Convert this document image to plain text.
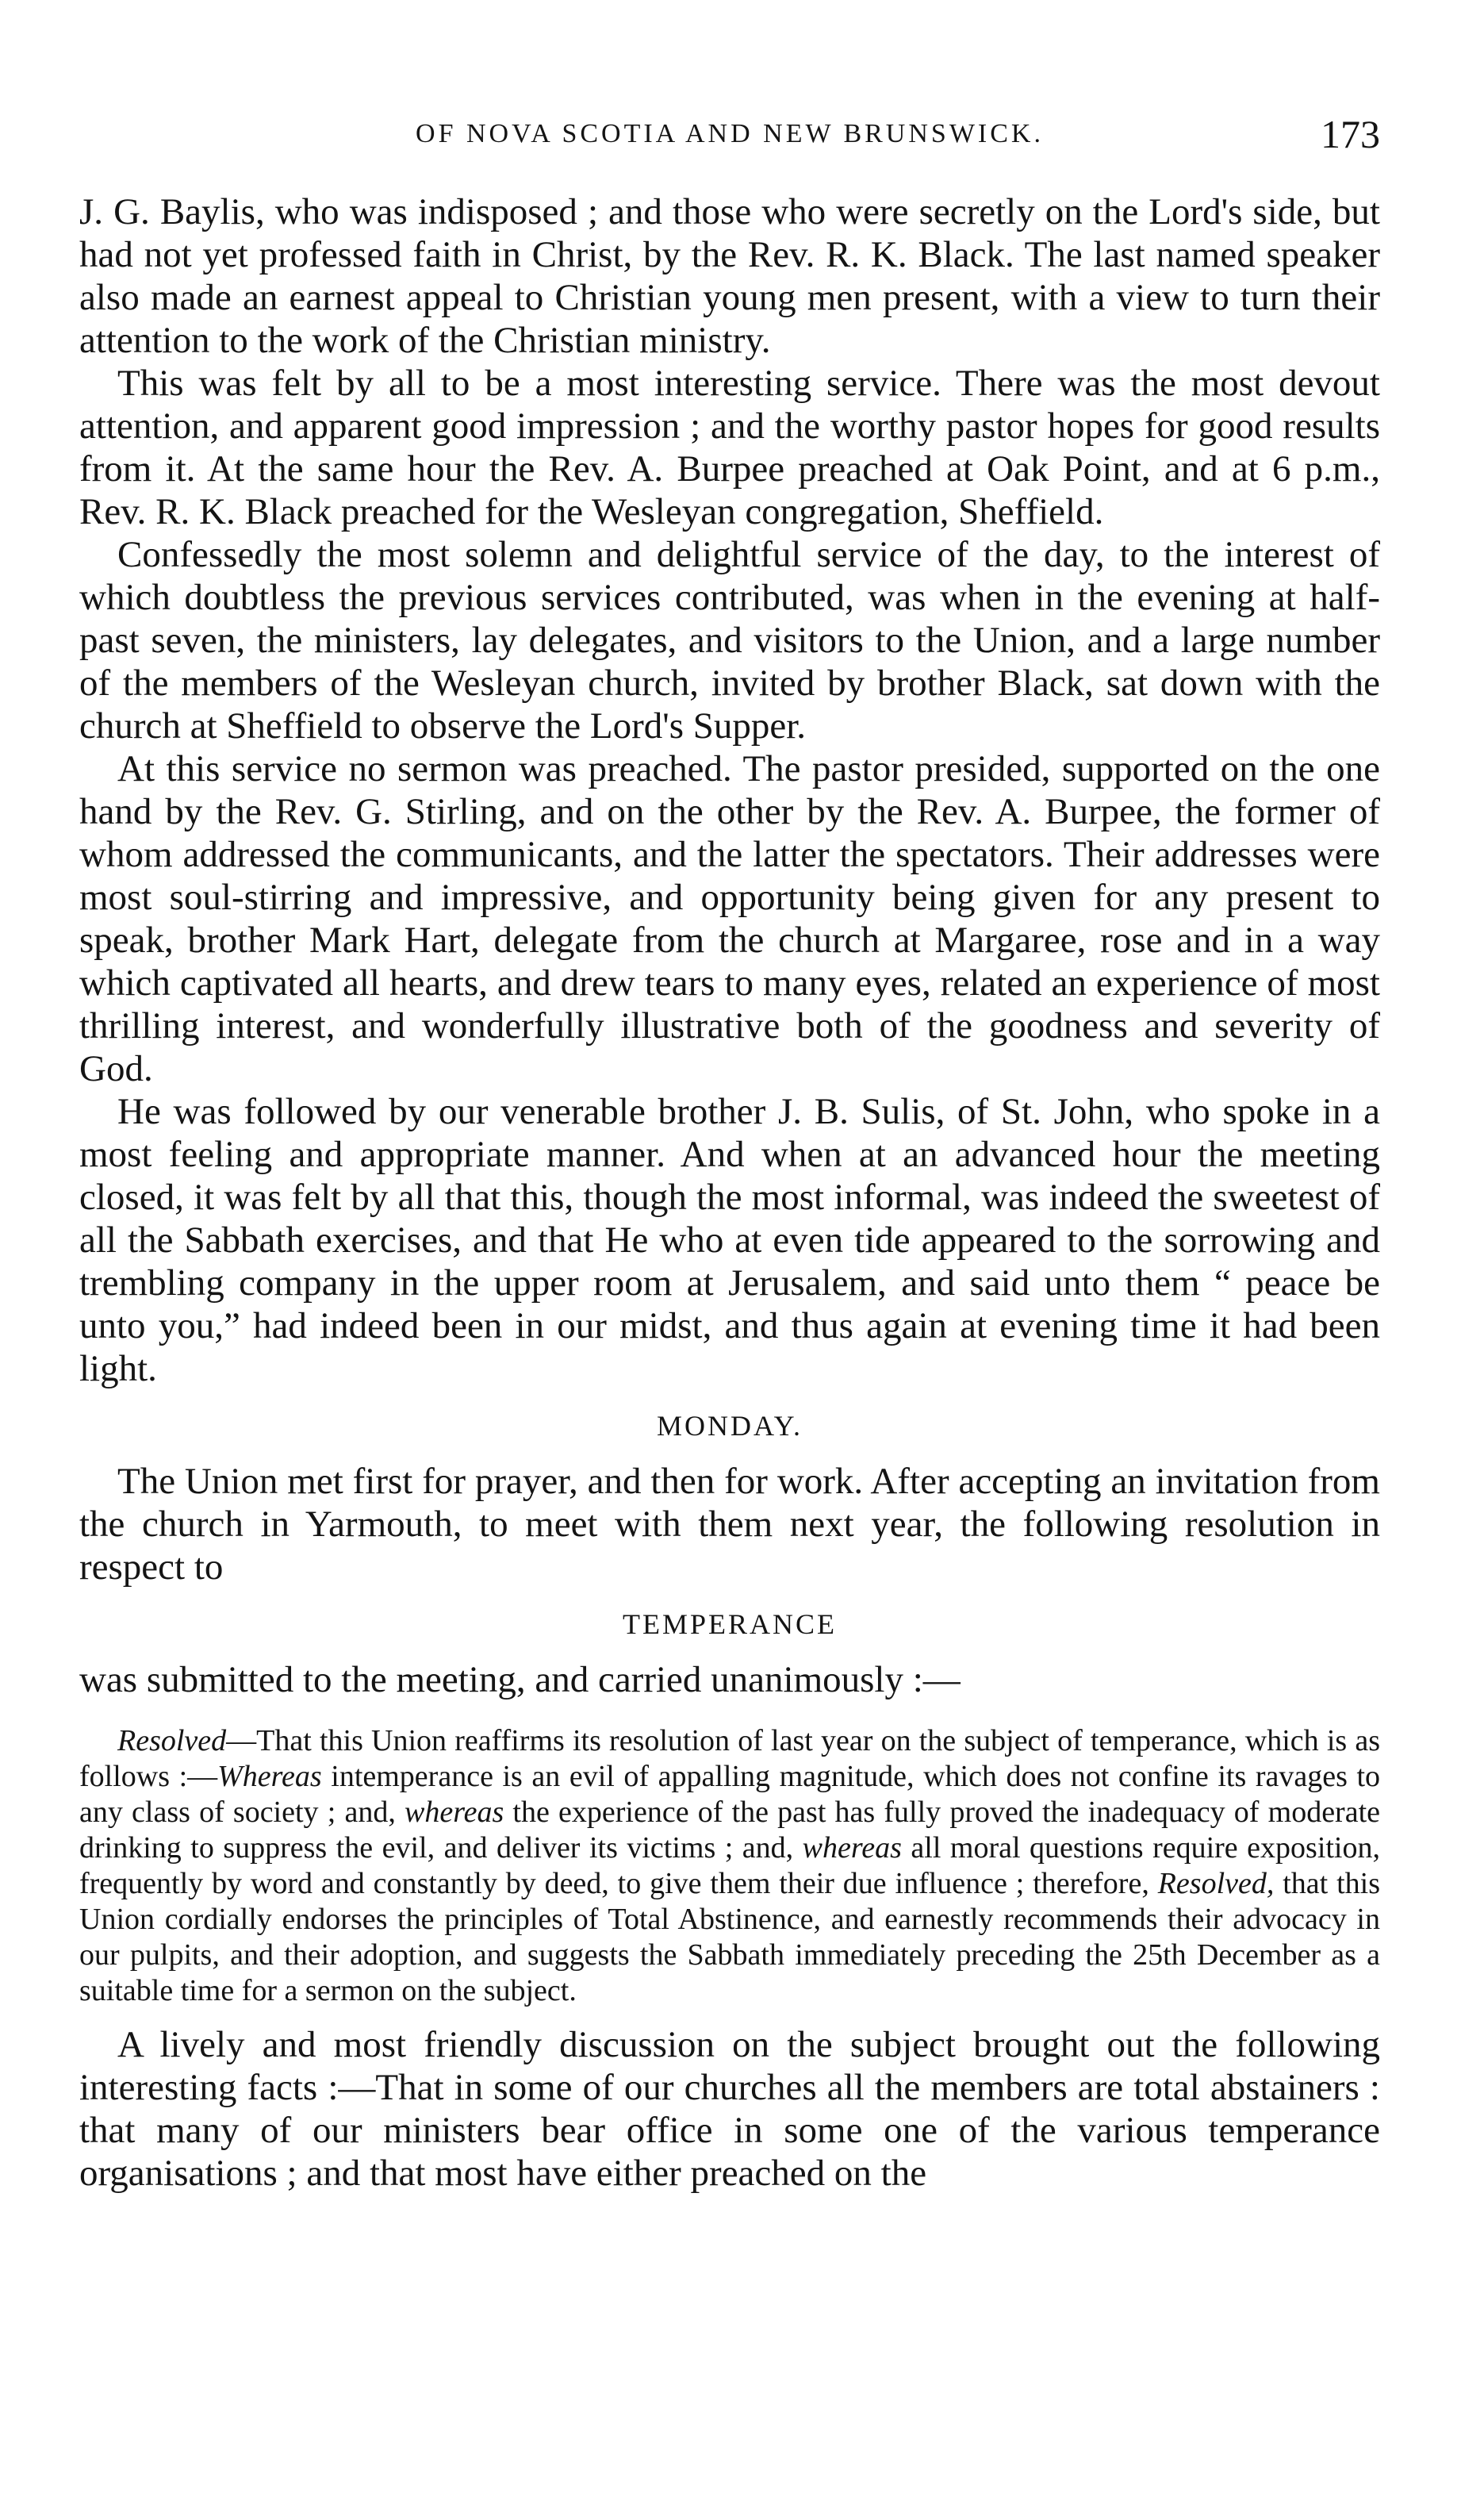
OF NOVA SCOTIA AND NEW BRUNSWICK.	173

J. G. Baylis, who was indisposed ; and those who were secretly on the Lord's side, but had not yet professed faith in Christ, by the Rev. R. K. Black. The last named speaker also made an earnest appeal to Christian young men present, with a view to turn their attention to the work of the Christian ministry.

This was felt by all to be a most interesting service. There was the most devout attention, and apparent good impression ; and the worthy pastor hopes for good results from it. At the same hour the Rev. A. Burpee preached at Oak Point, and at 6 p.m., Rev. R. K. Black preached for the Wesleyan congregation, Sheffield.

Confessedly the most solemn and delightful service of the day, to the interest of which doubtless the previous services contributed, was when in the evening at half-past seven, the ministers, lay delegates, and visitors to the Union, and a large number of the members of the Wesleyan church, invited by brother Black, sat down with the church at Sheffield to observe the Lord's Supper.

At this service no sermon was preached. The pastor presided, supported on the one hand by the Rev. G. Stirling, and on the other by the Rev. A. Burpee, the former of whom addressed the communicants, and the latter the spectators. Their addresses were most soul-stirring and impressive, and opportunity being given for any present to speak, brother Mark Hart, delegate from the church at Margaree, rose and in a way which captivated all hearts, and drew tears to many eyes, related an experience of most thrilling interest, and wonderfully illustrative both of the goodness and severity of God.

He was followed by our venerable brother J. B. Sulis, of St. John, who spoke in a most feeling and appropriate manner. And when at an advanced hour the meeting closed, it was felt by all that this, though the most informal, was indeed the sweetest of all the Sabbath exercises, and that He who at even tide appeared to the sorrowing and trembling company in the upper room at Jerusalem, and said unto them “ peace be unto you,” had indeed been in our midst, and thus again at evening time it had been light.

MONDAY.

The Union met first for prayer, and then for work. After accepting an invitation from the church in Yarmouth, to meet with them next year, the following resolution in respect to

TEMPERANCE

was submitted to the meeting, and carried unanimously :—

Resolved—That this Union reaffirms its resolution of last year on the subject of temperance, which is as follows :—Whereas intemperance is an evil of appalling magnitude, which does not confine its ravages to any class of society ; and, whereas the experience of the past has fully proved the inadequacy of moderate drinking to suppress the evil, and deliver its victims ; and, whereas all moral questions require exposition, frequently by word and constantly by deed, to give them their due influence ; therefore, Resolved, that this Union cordially endorses the principles of Total Abstinence, and earnestly recommends their advocacy in our pulpits, and their adoption, and suggests the Sabbath immediately preceding the 25th December as a suitable time for a sermon on the subject.

A lively and most friendly discussion on the subject brought out the following interesting facts :—That in some of our churches all the members are total abstainers : that many of our ministers bear office in some one of the various temperance organisations ; and that most have either preached on the
